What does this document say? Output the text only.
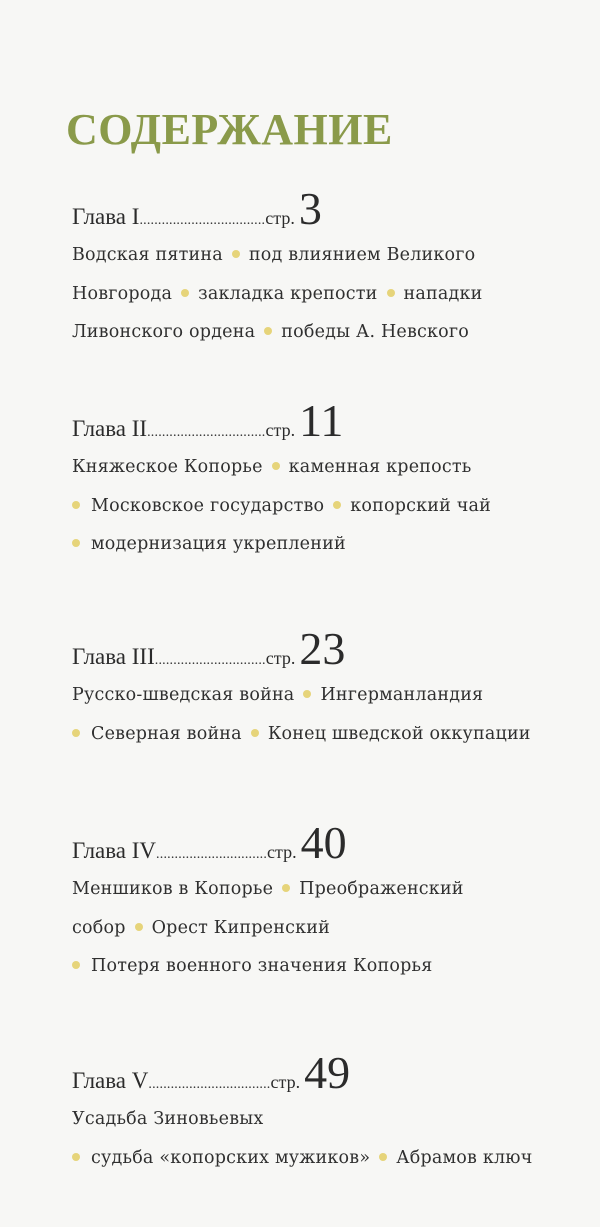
СОДЕРЖАНИЕ
Глава I .................................. стр. 3
Водская пятина под влиянием Великого
Новгорода закладка крепости нападки
Ливонского ордена победы А. Невского
Глава II ................................ стр. 11
Княжеское Копорье каменная крепость
Московское государство копорский чай
модернизация укреплений
Глава III .............................. стр. 23
Русско-шведская война Ингерманландия
Северная война Конец шведской оккупации
Глава IV .............................. стр. 40
Меншиков в Копорье Преображенский
собор Орест Кипренский
Потеря военного значения Копорья
Глава V ................................. стр. 49
Усадьба Зиновьевых
судьба «копорских мужиков» Абрамов ключ
